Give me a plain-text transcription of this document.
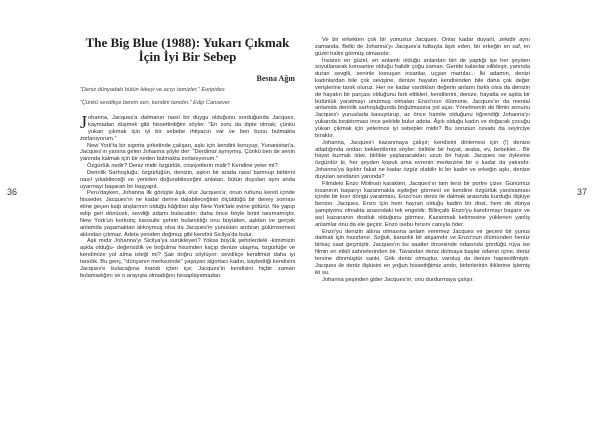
36	37
The Big Blue (1988): Yukarı Çıkmak İçin İyi Bir Sebep
Besna Ağın
“Deniz dünyadaki bütün lekeyi ve acıyı temizler.” Euripides
“Çünkü sevdikçe benim sen, kendini tanıdın.” Edip Cansever

Johanna, Jacques'a dalmanın nasıl bir duygu olduğunu sorduğunda Jacques, kaymadan düşmek gibi hissettirdiğini söyler. "En zoru da dipte olmak; çünkü yukarı çıkmak için iyi bir sebebe ihtiyacın var ve ben bunu bulmakta zorlanıyorum."

New York'ta bir sigorta şirketinde çalışan, aşkı için kendini koruyup, Yunanistan'a, Jacques'ın yanına gelen Johanna şöyle der: "Derdimiz aynıymış. Çünkü ben de senin yanında kalmak için bir neden bulmakta zorlanıyorum."

Özgürlük nedir? Deniz midir özgürlük, cinsiyetlerin midir? Kendine yeter mi?

Derinlik Sarhoşluğu, özgürlüğün, denizin, aşkın bir arada nasıl bamnup birbirini nasıl yıkabileceği ve yeniden doğurabileceğini anlatan, bütün duyuları aynı anda uyarmayı başaran bir başyapıt.

Peru'dayken, Johanna ilk görüşte âşık olur Jacques'a; onun ruhunu kendi içinde hisseder. Jacques'ın ne kadar derine dalabileceğinin ölçüldüğü bir deney sonrası eline geçen kalp atışlarının olduğu kâğıtları alıp New York'taki evine götürür. Ne yapıp edip geri dönücek, sevdiği adamı bulacaktır; daha önce böyle birini tanımamıştır. New York'un korkunç kaosuile şehrin bulanıklığı onu büyüden, aşktan ve gerçek anlamda yaşamaktan alıkoymuş olsa da Jacques'in yunusları andıran gülümsemesi aklından çıkmaz. Adeta yeniden doğmuş gibi kendini Sicilya'da bulur.

Aşk mıdır Johanna'yı Sicilya'ya sürükleyen? Yoksa büyük şehirlerdeki -kimimizin aşkla olduğu- değersizlik ve boğulma hissinden kaçıp denize ulaşma, özgürlüğe ve kendimize yol alma isteği mi? Şair doğru söylüyor: sevdikçe kendimizi daha iyi tanıdık. Bu genç, "dünyanın merkezinde" yaşayan sigortacı kadın, kaybettiği kendisini Jacques'e bulacağına inandı içten içe; Jacques'in kendisini hiçbir zaman bulamadığını ve o arayışta olmadığını hesaplayamadan.

Ve bir erkekten çok bir yunustur Jacques. Onlar kadar duyarlı, zekidir aynı zamanda. Belki de Johanna'yı Jacques'a tutkuyla âşık eden, bir erkeğin en saf, en güzel halini görmüş olmasıdır.

İnsanın en güzel, en anlamlı olduğu anlardan biri de yaptığı işe her şeyden soyutlanarak konsantre olduğu halidir çoğu zaman. Geride kalanlar silikleşir, yanında duran sevgili, seninle konuşan insanlar, uçşan martılar... İki adamın, denizi kadınlardan bile çok sevişine, denize hayatın kendisinden bile daha çok değer verişlerine tanık oluruz. Her ne kadar vardıkları değerin anlamı farklı olsa da denizin de hayatın bir parçası olduğunu fark ettikleri, kendilerini, denize, hayatta ve aşkla bir bütünlük yaratmayı unutmuş olmaları Enzo'nun ölümüne, Jacques'ın da mental anlamda derinlik sarhoşluğunda boğulmasına yol açar. Yönetmenin de filmin sonunu Jacques'ı yunuslarla kavuşturup, az önce hamile olduğunu öğrendiği Johanna'yı yukarıda bıraktırması ince şekilde bulur adeta. Âşık olduğu kadın ve doğacak çocuğu yukarı çıkmak için yeterince iyi sebepler midir? Bu sorunun cevabı da seyirciye bıraktır.

Johanna, Jacques'ı kazanmaya çalışır; kendisini dinlemesi için (!) denize atladığında ondan beklentilerini söyler: birlikte bir hayat, araba, ev, bebekler... Bir hayat kurmak ister, birlikte yaşlanacakları uzun bir hayat. Jacques ise öylesine özgürdür ki, her şeyden kopuk ama evrenin merkezine bir o kadar da yakındır. Johanna'ya âşıktır fakat ne kadar özgür olabilir ki bir kadın ve erkeğin aşkı, denize duyulan sevdanın yanında?

Filmdeki Enzo Molinari karakteri, Jacques'ın tam tersi bir portre çizer. Günümüz insanının başarıyı kazanmakla eşdeğer görmesi ve kendine özgürlük yanılsaması içinde bir kısır döngü yaratması, Enzo'nun deniz ile dalmak arasında kurduğu ilişkiye benzer. Jacques, Enzo için hem hayran olduğu kadim bir dost, hem de dünya şampiyonu olmakta arasındaki tek engeldir. Bilinçaltı Enzo'yu kandırmayı başarır ve asıl kazananın dostluk olduğunu görmez. Kazanmak kelimesine yüklenen yanlış anlamlar onu da ele geçirir. Enzo isebu hırsını canıyla öder.

Enzo'yu denizin altına olmasına anlam veremez Jacques ve geceni bir yunus dalmak için hazırlanır. Soğuk, karanlık bir akşamdır ve Enzo'nun ölümünden henüz birkaç saat geçmiştir. Jacques'ın bu saatler öncesinde odasında gördüğü rüya ise filmin en etkili sahnelerinden bir. Tavandan deniz dolmaya başlar odanın içine, deniz tersine dönmüştür sanki. Gök deniz olmuştur, varoluş da denize hapsedilmiştir. Jacques ile deniz ilişkisini en yoğun hissettiğimiz andır, birbirlerinin iliklerine işlemiş iki su.

Johanna peşinden gider Jacques'ın, onu durdurmaya çalışır.
